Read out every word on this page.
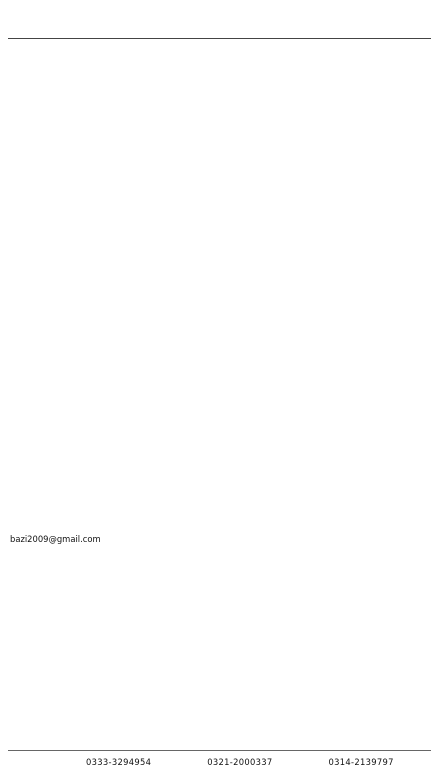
bazi2009@gmail.com
0333-3294954	0321-2000337	0314-2139797
